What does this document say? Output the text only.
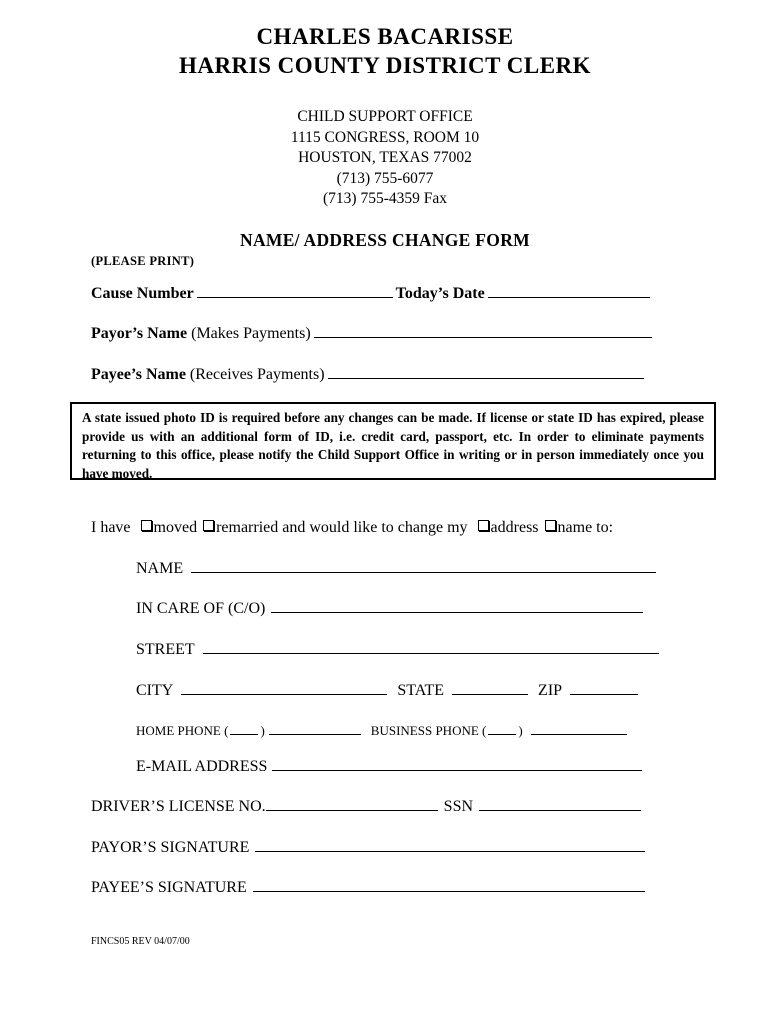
CHARLES BACARISSE
HARRIS COUNTY DISTRICT CLERK
CHILD SUPPORT OFFICE
1115 CONGRESS, ROOM 10
HOUSTON, TEXAS 77002
(713) 755-6077
(713) 755-4359 Fax
NAME/ ADDRESS CHANGE FORM
(PLEASE PRINT)
Cause Number	Today’s Date
Payor’s Name (Makes Payments)
Payee’s Name (Receives Payments)
A state issued photo ID is required before any changes can be made. If license or state ID has expired, please provide us with an additional form of ID, i.e. credit card, passport, etc. In order to eliminate payments returning to this office, please notify the Child Support Office in writing or in person immediately once you have moved.
I have moved remarried and would like to change my address name to:
NAME
IN CARE OF (C/O)
STREET
CITY	STATE	ZIP
HOME PHONE ( )	BUSINESS PHONE ( )
E-MAIL ADDRESS
DRIVER’S LICENSE NO.	SSN
PAYOR’S SIGNATURE
PAYEE’S SIGNATURE
FINCS05 REV 04/07/00
